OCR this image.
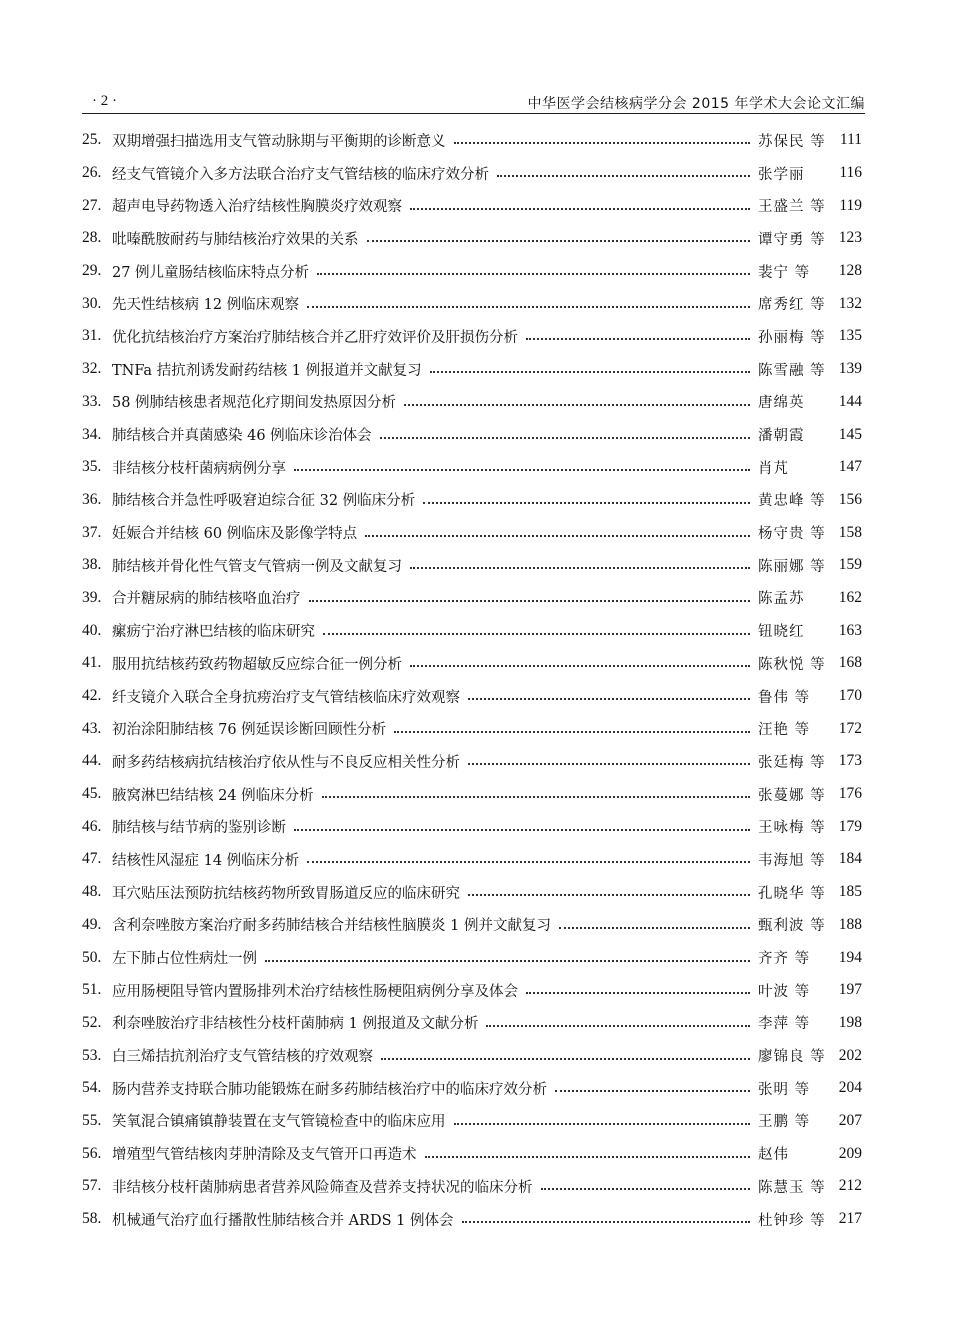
· 2 ·	中华医学会结核病学分会 2015 年学术大会论文汇编
25. 双期增强扫描选用支气管动脉期与平衡期的诊断意义	苏保民 等 111
26. 经支气管镜介入多方法联合治疗支气管结核的临床疗效分析	张学丽	116
27. 超声电导药物透入治疗结核性胸膜炎疗效观察	王盛兰 等 119
28. 吡嗪酰胺耐药与肺结核治疗效果的关系	谭守勇 等 123
29. 27 例儿童肠结核临床特点分析	裴宁 等	128
30. 先天性结核病 12 例临床观察	席秀红 等 132
31. 优化抗结核治疗方案治疗肺结核合并乙肝疗效评价及肝损伤分析	孙丽梅 等 135
32. TNFa 拮抗剂诱发耐药结核 1 例报道并文献复习	陈雪融 等 139
33. 58 例肺结核患者规范化疗期间发热原因分析	唐绵英	144
34. 肺结核合并真菌感染 46 例临床诊治体会	潘朝霞	145
35. 非结核分枝杆菌病病例分享	肖芃	147
36. 肺结核合并急性呼吸窘迫综合征 32 例临床分析	黄忠峰 等 156
37. 妊娠合并结核 60 例临床及影像学特点	杨守贵 等 158
38. 肺结核并骨化性气管支气管病一例及文献复习	陈丽娜 等 159
39. 合并糖尿病的肺结核咯血治疗	陈孟苏	162
40. 瘰疬宁治疗淋巴结核的临床研究	钮晓红	163
41. 服用抗结核药致药物超敏反应综合征一例分析	陈秋悦 等 168
42. 纤支镜介入联合全身抗痨治疗支气管结核临床疗效观察	鲁伟 等	170
43. 初治涂阳肺结核 76 例延误诊断回顾性分析	汪艳 等	172
44. 耐多药结核病抗结核治疗依从性与不良反应相关性分析	张廷梅 等 173
45. 腋窝淋巴结结核 24 例临床分析	张蔓娜 等 176
46. 肺结核与结节病的鉴别诊断	王咏梅 等 179
47. 结核性风湿症 14 例临床分析	韦海旭 等 184
48. 耳穴贴压法预防抗结核药物所致胃肠道反应的临床研究	孔晓华 等 185
49. 含利奈唑胺方案治疗耐多药肺结核合并结核性脑膜炎 1 例并文献复习	甄利波 等 188
50. 左下肺占位性病灶一例	齐齐 等	194
51. 应用肠梗阻导管内置肠排列术治疗结核性肠梗阻病例分享及体会	叶波 等	197
52. 利奈唑胺治疗非结核性分枝杆菌肺病 1 例报道及文献分析	李萍 等	198
53. 白三烯拮抗剂治疗支气管结核的疗效观察	廖锦良 等 202
54. 肠内营养支持联合肺功能锻炼在耐多药肺结核治疗中的临床疗效分析	张明 等	204
55. 笑氧混合镇痛镇静装置在支气管镜检查中的临床应用	王鹏 等	207
56. 增殖型气管结核肉芽肿清除及支气管开口再造术	赵伟	209
57. 非结核分枝杆菌肺病患者营养风险筛查及营养支持状况的临床分析	陈慧玉 等 212
58. 机械通气治疗血行播散性肺结核合并 ARDS 1 例体会	杜钟珍 等 217
